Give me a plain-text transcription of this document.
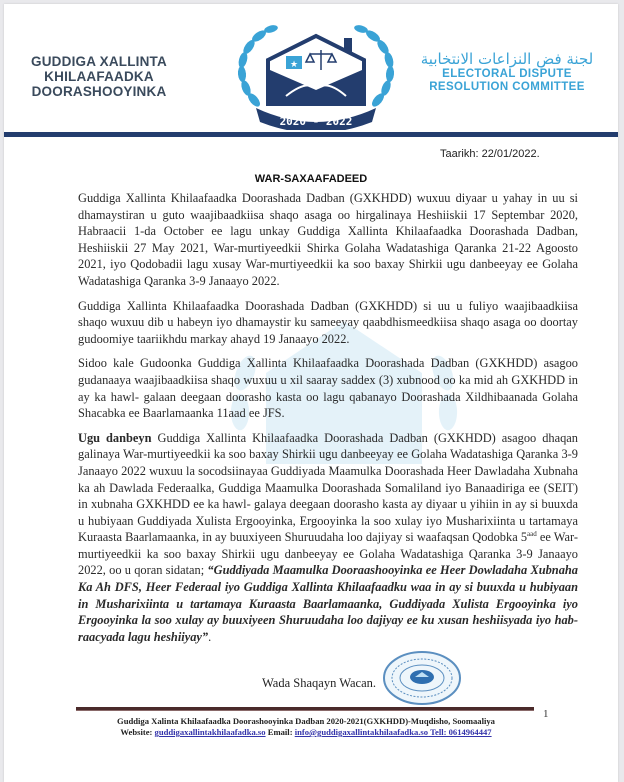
GUDDIGA XALLINTA
KHILAAFAADKA
DOORASHOOYINKA
★
2020 - 2022
لجنة فض النزاعات الانتخابية
ELECTORAL DISPUTE
RESOLUTION COMMITTEE
Taarikh: 22/01/2022.
WAR-SAXAAFADEED

Guddiga Xallinta Khilaafaadka Doorashada Dadban (GXKHDD) wuxuu diyaar u yahay in uu si dhamaystiran u guto waajibaadkiisa shaqo asaga oo hirgalinaya Heshiiskii 17 Septembar 2020, Habraacii 1-da October ee lagu unkay Guddiga Xallinta Khilaafaadka Doorashada Dadban, Heshiiskii 27 May 2021, War-murtiyeedkii Shirka Golaha Wadatashiga Qaranka 21-22 Agoosto 2021, iyo Qodobadii lagu xusay War-murtiyeedkii ka soo baxay Shirkii ugu danbeeyay ee Golaha Wadatashiga Qaranka 3-9 Janaayo 2022.

Guddiga Xallinta Khilaafaadka Doorashada Dadban (GXKHDD) si uu u fuliyo waajibaadkiisa shaqo wuxuu dib u habeyn iyo dhamaystir ku sameeyay qaabdhismeedkiisa shaqo asaga oo doortay gudoomiye taariikhdu markay ahayd 19 Janaayo 2022.

Sidoo kale Gudoonka Guddiga Xallinta Khilaafaadka Doorashada Dadban (GXKHDD) asagoo gudanaaya waajibaadkiisa shaqo wuxuu u xil saaray saddex (3) xubnood oo ka mid ah GXKHDD in ay ka hawl- galaan deegaan doorasho kasta oo lagu qabanayo Doorashada Xildhibaanada Golaha Shacabka ee Baarlamaanka 11aad ee JFS.

Ugu danbeyn Guddiga Xallinta Khilaafaadka Doorashada Dadban (GXKHDD) asagoo dhaqan galinaya War-murtiyeedkii ka soo baxay Shirkii ugu danbeeyay ee Golaha Wadatashiga Qaranka 3-9 Janaayo 2022 wuxuu la socodsiinayaa Guddiyada Maamulka Doorashada Heer Dawladaha Xubnaha ka ah Dawlada Federaalka, Guddiga Maamulka Doorashada Somaliland iyo Banaadiriga ee (SEIT) in xubnaha GXKHDD ee ka hawl- galaya deegaan doorasho kasta ay diyaar u yihiin in ay si buuxda u hubiyaan Guddiyada Xulista Ergooyinka, Ergooyinka la soo xulay iyo Musharixiinta u tartamaya Kuraasta Baarlamaanka, in ay buuxiyeen Shuruudaha loo dajiyay si waafaqsan Qodobka $5^{aad}$ ee War-murtiyeedkii ka soo baxay Shirkii ugu danbeeyay ee Golaha Wadatashiga Qaranka 3-9 Janaayo 2022, oo u qoran sidatan; “Guddiyada Maamulka Dooraashooyinka ee Heer Dowladaha Xubnaha Ka Ah DFS, Heer Federaal iyo Guddiga Xallinta Khilaafaadku waa in ay si buuxda u hubiyaan in Musharixiinta u tartamaya Kuraasta Baarlamaanka, Guddiyada Xulista Ergooyinka iyo Ergooyinka la soo xulay ay buuxiyeen Shuruudaha loo dajiyay ee ku xusan heshiisyada iyo hab-raacyada lagu heshiiyay”.

Wada Shaqayn Wacan.
1
Guddiga Xalinta Khilaafaadka Doorashooyinka Dadban 2020-2021(GXKHDD)-Muqdisho, Soomaaliya
Website: guddigaxallintakhilaafadka.so Email: info@guddigaxallintakhilaafadka.so Tell: 0614964447
